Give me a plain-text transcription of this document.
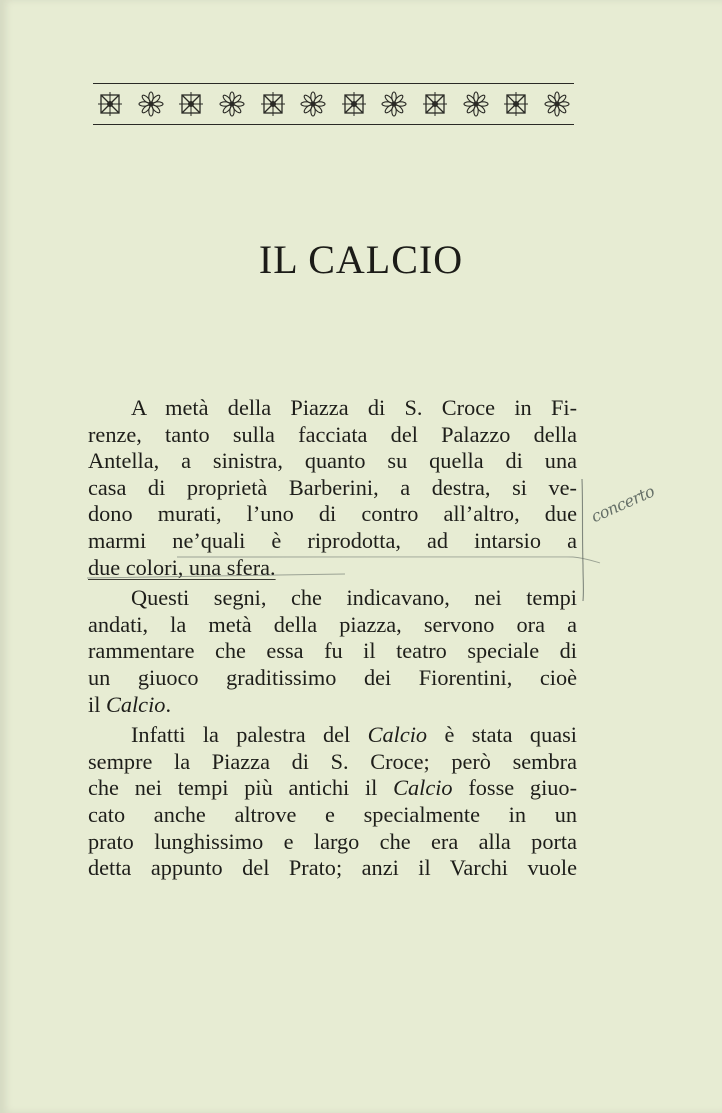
IL CALCIO
A metà della Piazza di S. Croce in Fi-
renze, tanto sulla facciata del Palazzo della
Antella, a sinistra, quanto su quella di una
casa di proprietà Barberini, a destra, si ve-
dono murati, l’uno di contro all’altro, due
marmi ne’quali è riprodotta, ad intarsio a
due colori, una sfera.
Questi segni, che indicavano, nei tempi
andati, la metà della piazza, servono ora a
rammentare che essa fu il teatro speciale di
un giuoco graditissimo dei Fiorentini, cioè
il Calcio.
Infatti la palestra del Calcio è stata quasi
sempre la Piazza di S. Croce; però sembra
che nei tempi più antichi il Calcio fosse giuo-
cato anche altrove e specialmente in un
prato lunghissimo e largo che era alla porta
detta appunto del Prato; anzi il Varchi vuole
concerto
